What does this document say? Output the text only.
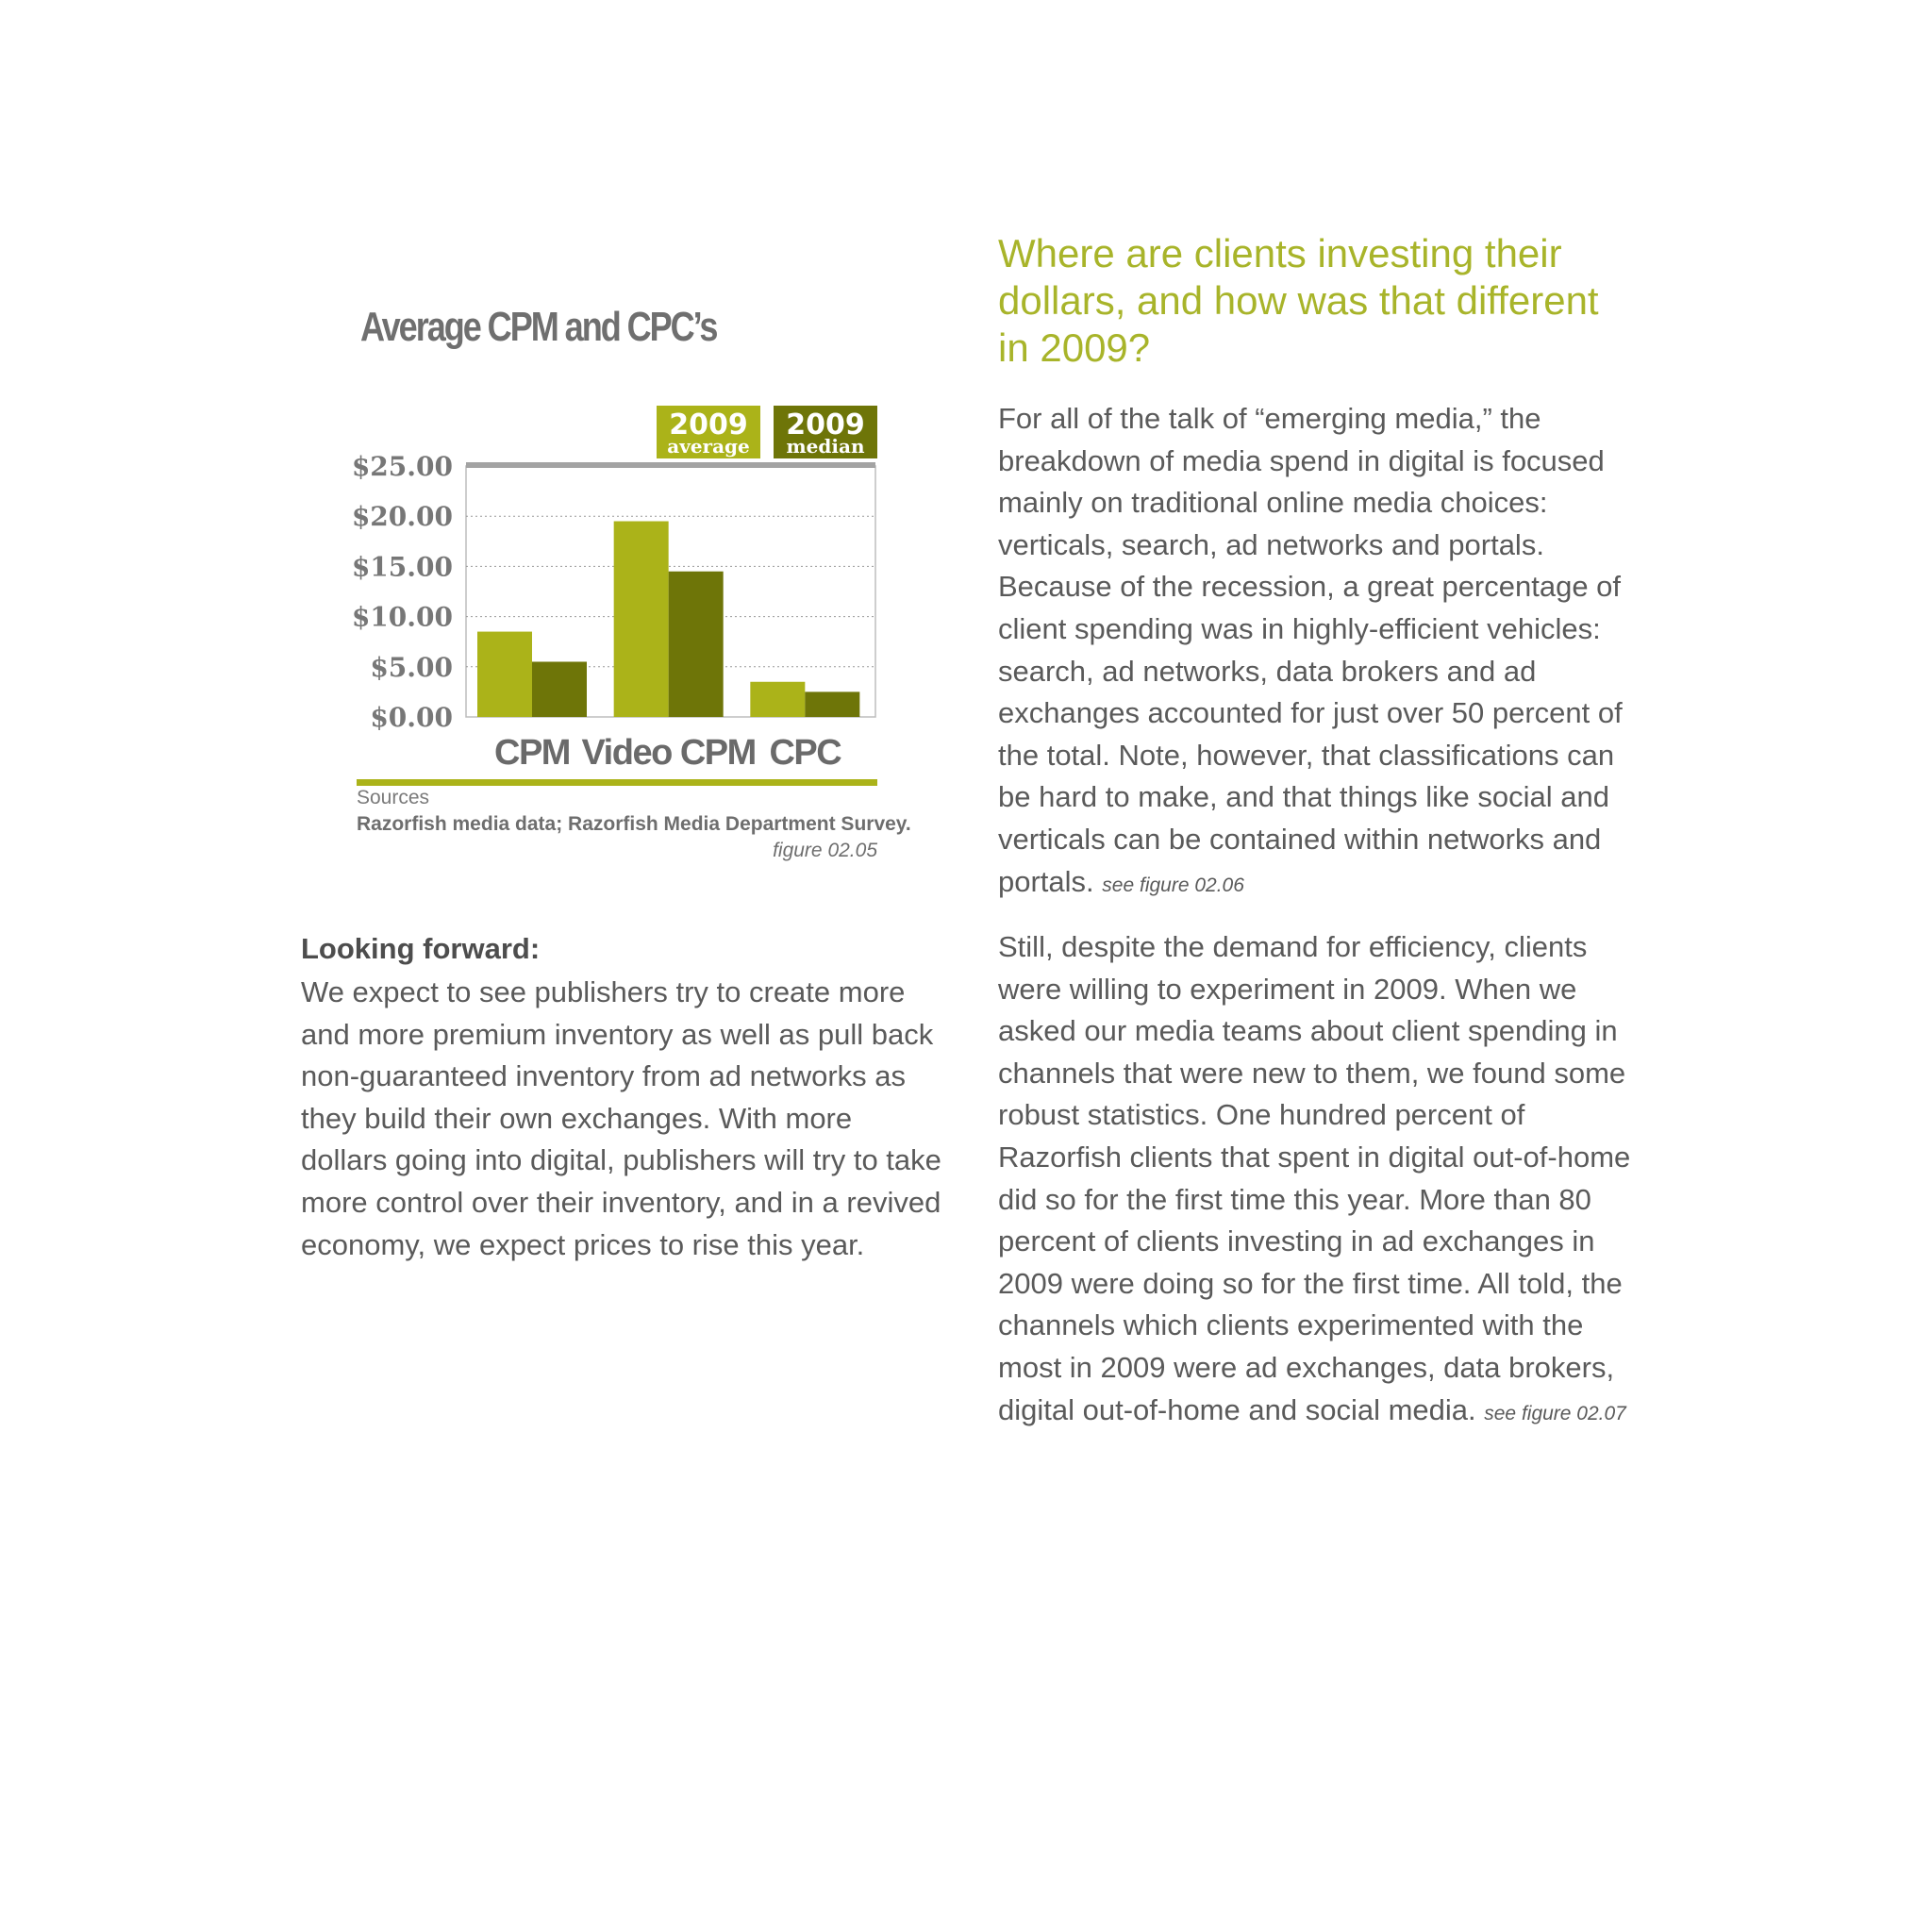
Average CPM and CPC’s
$0.00
$5.00
$10.00
$15.00
$20.00
$25.00
CPM Video CPM CPC
2009
average
2009
median
Sources
Razorfish media data; Razorfish Media Department Survey.
figure 02.05
Looking forward:
We expect to see publishers try to create more and more premium inventory as well as pull back non-guaranteed inventory from ad networks as they build their own exchanges. With more dollars going into digital, publishers will try to take more control over their inventory, and in a revived economy, we expect prices to rise this year.
Where are clients investing their dollars, and how was that different in 2009?
For all of the talk of “emerging media,” the breakdown of media spend in digital is focused mainly on traditional online media choices: verticals, search, ad networks and portals. Because of the recession, a great percentage of client spending was in highly-efficient vehicles: search, ad networks, data brokers and ad exchanges accounted for just over 50 percent of the total. Note, however, that classifications can be hard to make, and that things like social and verticals can be contained within networks and portals. see figure 02.06
Still, despite the demand for efficiency, clients were willing to experiment in 2009. When we asked our media teams about client spending in channels that were new to them, we found some robust statistics. One hundred percent of Razorfish clients that spent in digital out-of-home did so for the first time this year. More than 80 percent of clients investing in ad exchanges in 2009 were doing so for the first time. All told, the channels which clients experimented with the most in 2009 were ad exchanges, data brokers, digital out-of-home and social media. see figure 02.07
